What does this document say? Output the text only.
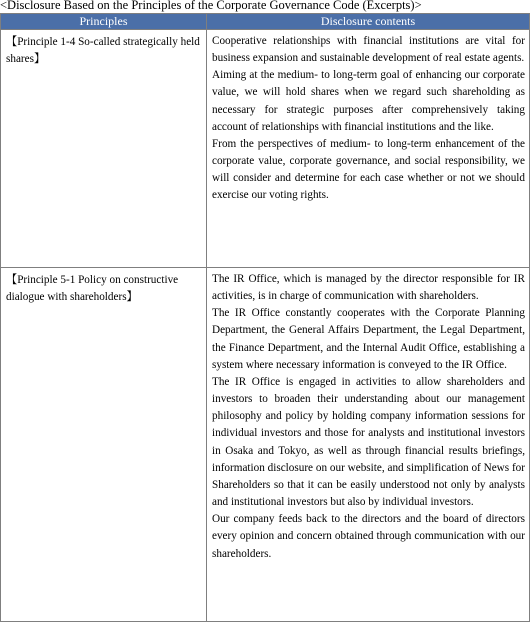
<Disclosure Based on the Principles of the Corporate Governance Code (Excerpts)>
Principles	Disclosure contents

【Principle 1-4 So-called strategically held shares】	Cooperative relationships with financial institutions are vital for business expansion and sustainable development of real estate agents.

Aiming at the medium- to long-term goal of enhancing our corporate value, we will hold shares when we regard such shareholding as necessary for strategic purposes after comprehensively taking account of relationships with financial institutions and the like.

From the perspectives of medium- to long-term enhancement of the corporate value, corporate governance, and social responsibility, we will consider and determine for each case whether or not we should exercise our voting rights.

【Principle 5-1 Policy on constructive dialogue with shareholders】	The IR Office, which is managed by the director responsible for IR activities, is in charge of communication with shareholders.

The IR Office constantly cooperates with the Corporate Planning Department, the General Affairs Department, the Legal Department, the Finance Department, and the Internal Audit Office, establishing a system where necessary information is conveyed to the IR Office.

The IR Office is engaged in activities to allow shareholders and investors to broaden their understanding about our management philosophy and policy by holding company information sessions for individual investors and those for analysts and institutional investors in Osaka and Tokyo, as well as through financial results briefings, information disclosure on our website, and simplification of News for Shareholders so that it can be easily understood not only by analysts and institutional investors but also by individual investors.

Our company feeds back to the directors and the board of directors every opinion and concern obtained through communication with our shareholders.
